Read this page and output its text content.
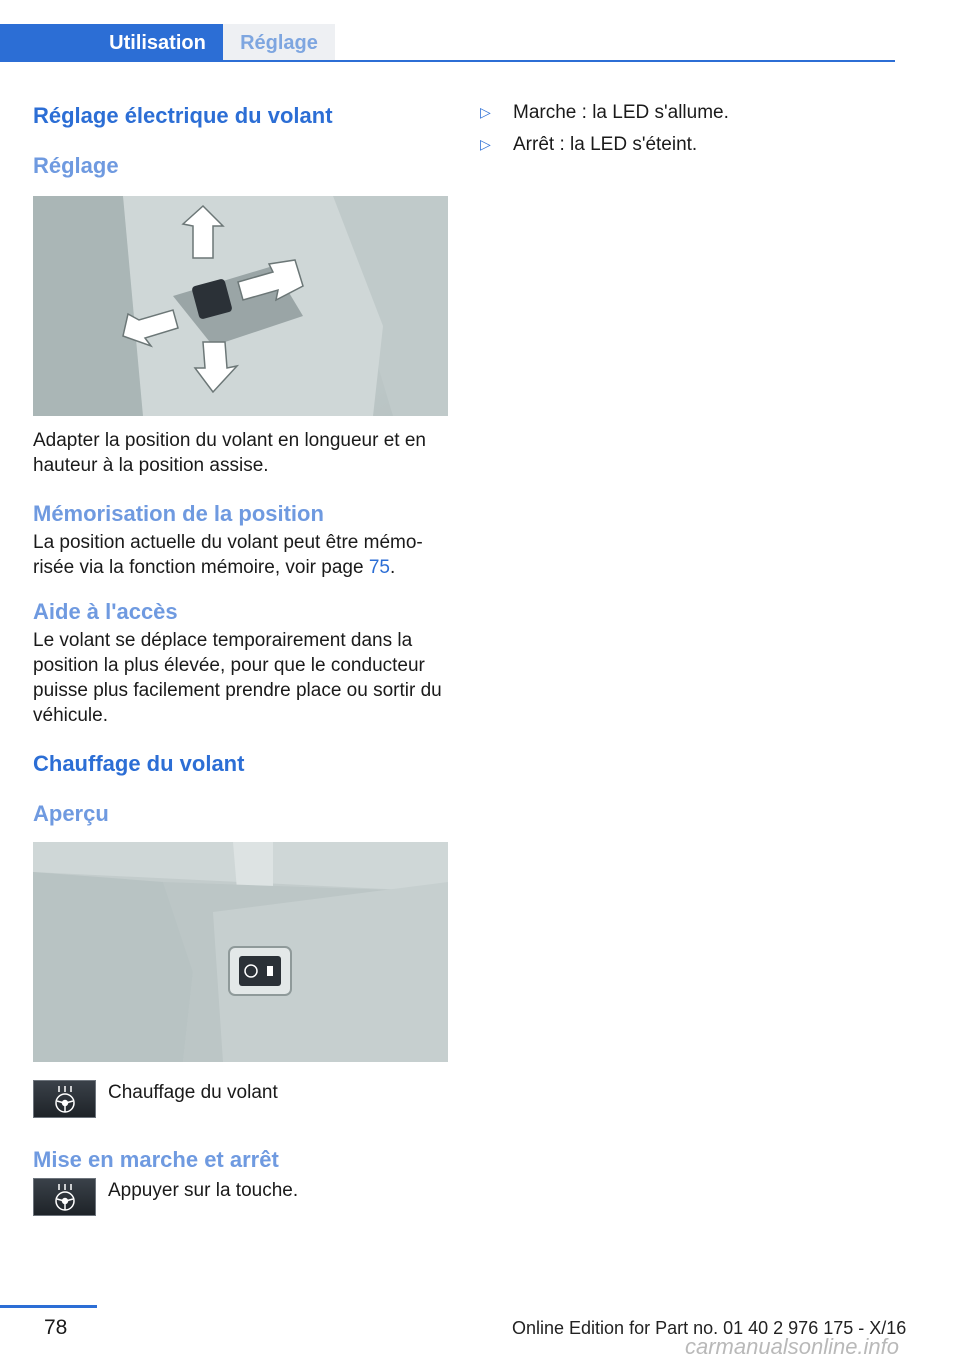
Utilisation	Réglage
Réglage électrique du volant
Réglage

Adapter la position du volant en longueur et en hauteur à la position assise.

Mémorisation de la position

La position actuelle du volant peut être mémo‐risée via la fonction mémoire, voir page 75.

Aide à l'accès

Le volant se déplace temporairement dans la position la plus élevée, pour que le conducteur puisse plus facilement prendre place ou sortir du véhicule.

Chauffage du volant
Aperçu
Chauffage du volant
Mise en marche et arrêt
Appuyer sur la touche.
▷	Marche : la LED s'allume.
▷	Arrêt : la LED s'éteint.
78	Online Edition for Part no. 01 40 2 976 175 - X/16
carmanualsonline.info
